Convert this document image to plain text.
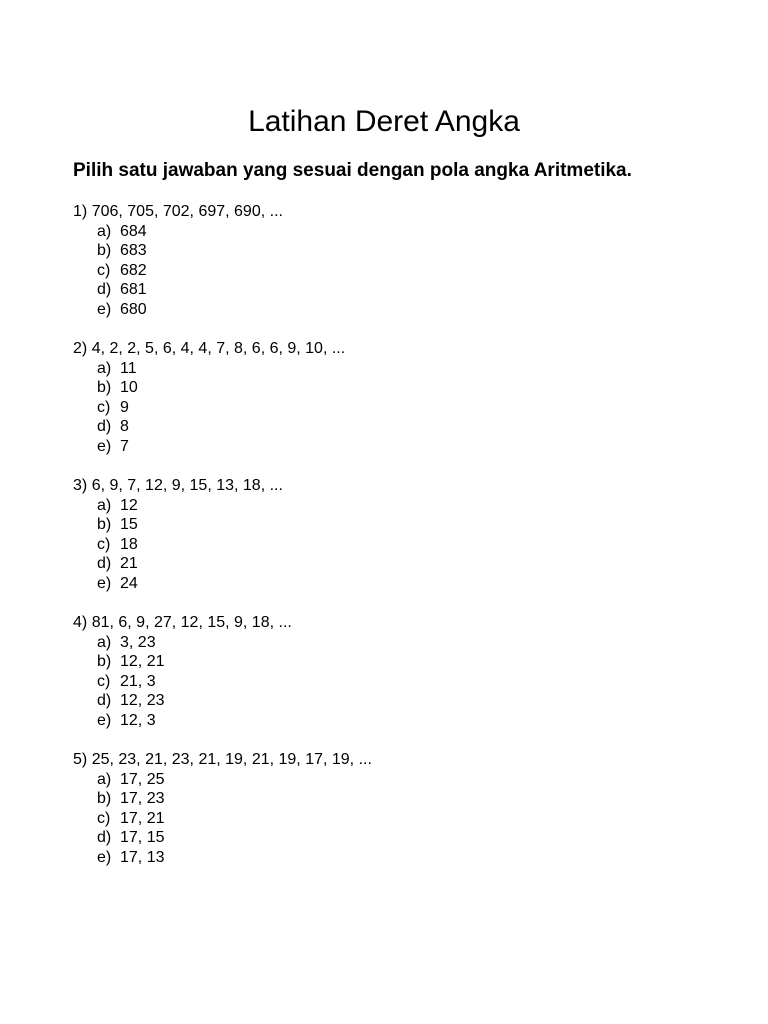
Latihan Deret Angka

Pilih satu jawaban yang sesuai dengan pola angka Aritmetika.

1) 706, 705, 702, 697, 690, ...
a) 684
b) 683
c) 682
d) 681
e) 680
2) 4, 2, 2, 5, 6, 4, 4, 7, 8, 6, 6, 9, 10, ...
a) 11
b) 10
c) 9
d) 8
e) 7
3) 6, 9, 7, 12, 9, 15, 13, 18, ...
a) 12
b) 15
c) 18
d) 21
e) 24
4) 81, 6, 9, 27, 12, 15, 9, 18, ...
a) 3, 23
b) 12, 21
c) 21, 3
d) 12, 23
e) 12, 3
5) 25, 23, 21, 23, 21, 19, 21, 19, 17, 19, ...
a) 17, 25
b) 17, 23
c) 17, 21
d) 17, 15
e) 17, 13
